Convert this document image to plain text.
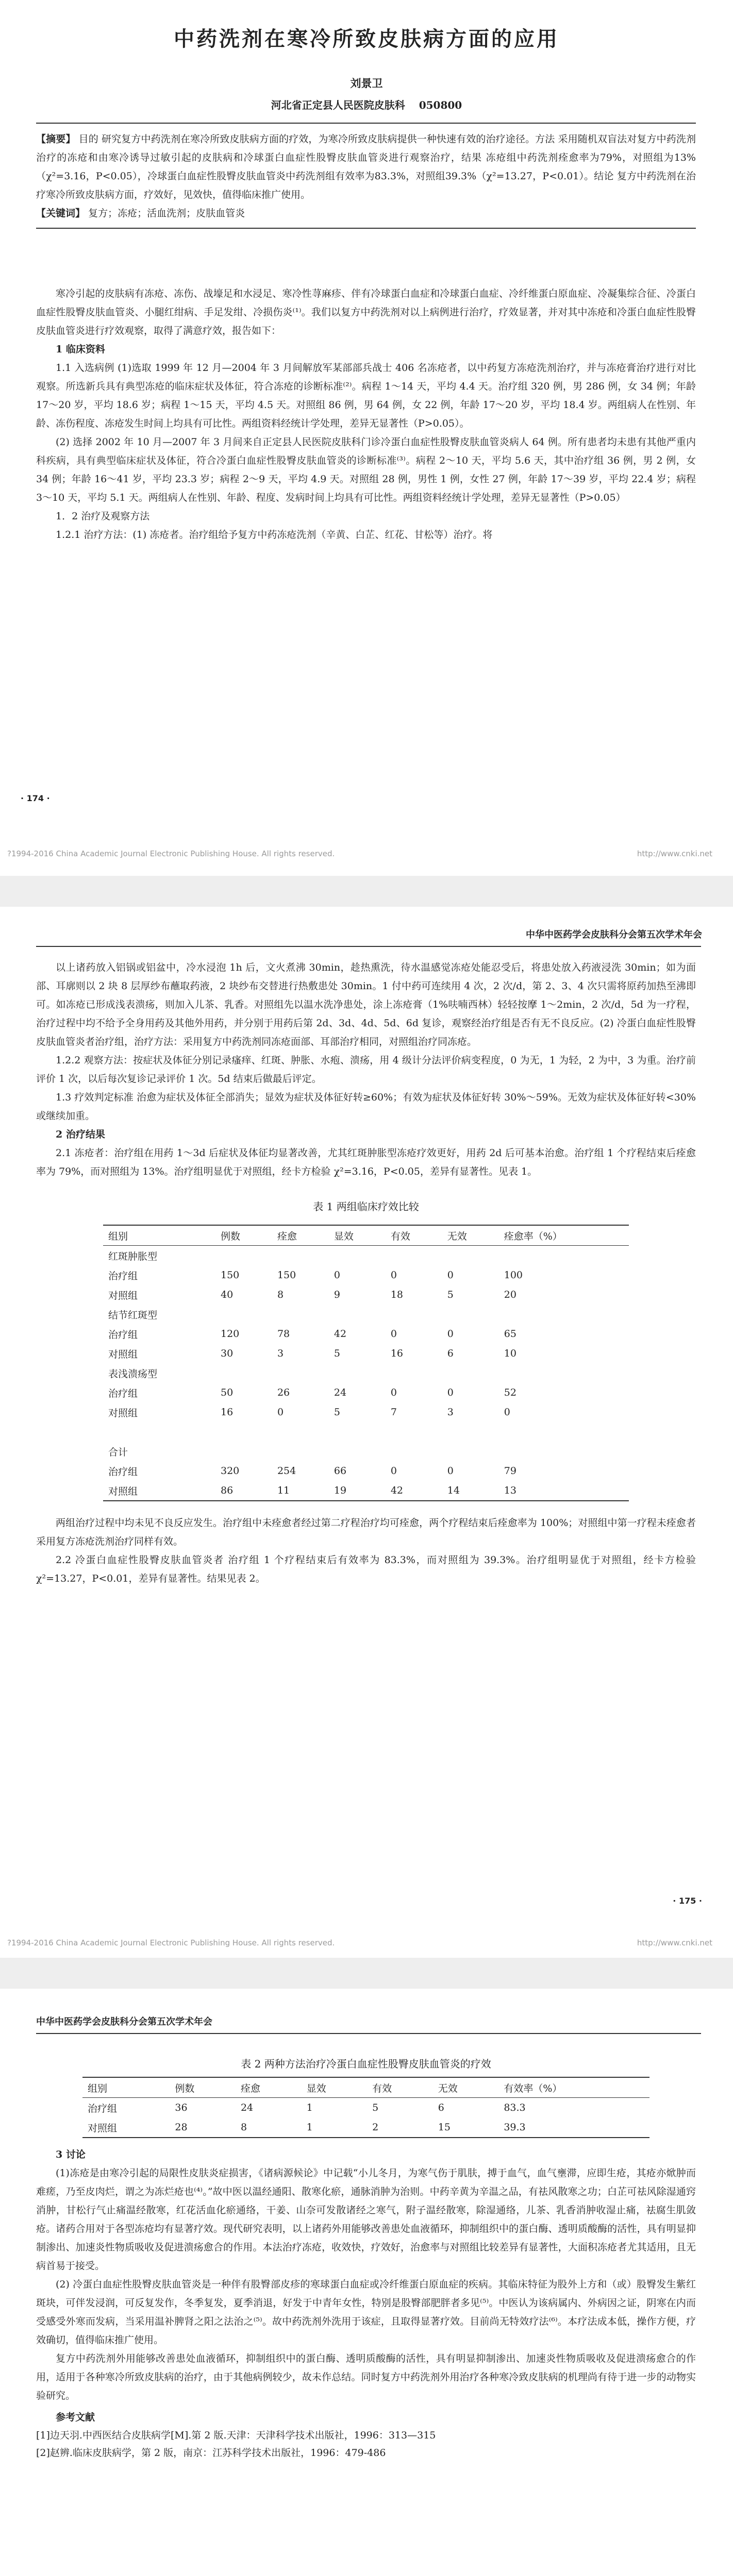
中药洗剂在寒冷所致皮肤病方面的应用
刘景卫
河北省正定县人民医院皮肤科 050800

【摘要】 目的 研究复方中药洗剂在寒冷所致皮肤病方面的疗效，为寒冷所致皮肤病提供一种快速有效的治疗途径。方法 采用随机双盲法对复方中药洗剂治疗的冻疮和由寒冷诱导过敏引起的皮肤病和冷球蛋白血症性股臀皮肤血管炎进行观察治疗，结果 冻疮组中药洗剂痊愈率为79%，对照组为13%（χ²=3.16，P<0.05），冷球蛋白血症性股臀皮肤血管炎中药洗剂组有效率为83.3%，对照组39.3%（χ²=13.27，P<0.01）。结论 复方中药洗剂在治疗寒冷所致皮肤病方面，疗效好，见效快，值得临床推广使用。

【关键词】 复方；冻疮；活血洗剂；皮肤血管炎

寒冷引起的皮肤病有冻疮、冻伤、战壕足和水浸足、寒冷性荨麻疹、伴有冷球蛋白血症和冷球蛋白血症、冷纤维蛋白原血症、冷凝集综合征、冷蛋白血症性股臀皮肤血管炎、小腿红绀病、手足发绀、冷损伤炎⁽¹⁾。我们以复方中药洗剂对以上病例进行治疗，疗效显著，并对其中冻疮和冷蛋白血症性股臀皮肤血管炎进行疗效观察，取得了满意疗效，报告如下：

1 临床资料

1.1 入选病例 (1)选取 1999 年 12 月—2004 年 3 月间解放军某部部兵战士 406 名冻疮者，以中药复方冻疮洗剂治疗，并与冻疮膏治疗进行对比观察。所选新兵具有典型冻疮的临床症状及体征，符合冻疮的诊断标准⁽²⁾。病程 1～14 天，平均 4.4 天。治疗组 320 例，男 286 例，女 34 例；年龄 17～20 岁，平均 18.6 岁；病程 1～15 天，平均 4.5 天。对照组 86 例，男 64 例，女 22 例，年龄 17～20 岁，平均 18.4 岁。两组病人在性别、年龄、冻伤程度、冻疮发生时间上均具有可比性。两组资料经统计学处理，差异无显著性（P>0.05）。

(2) 选择 2002 年 10 月—2007 年 3 月间来自正定县人民医院皮肤科门诊冷蛋白血症性股臀皮肤血管炎病人 64 例。所有患者均未患有其他严重内科疾病，具有典型临床症状及体征，符合冷蛋白血症性股臀皮肤血管炎的诊断标准⁽³⁾。病程 2～10 天，平均 5.6 天，其中治疗组 36 例，男 2 例，女 34 例；年龄 16～41 岁，平均 23.3 岁；病程 2～9 天，平均 4.9 天。对照组 28 例，男性 1 例，女性 27 例，年龄 17～39 岁，平均 22.4 岁；病程 3～10 天，平均 5.1 天。两组病人在性别、年龄、程度、发病时间上均具有可比性。两组资料经统计学处理，差异无显著性（P>0.05）

1．2 治疗及观察方法

1.2.1 治疗方法：(1) 冻疮者。治疗组给予复方中药冻疮洗剂（辛黄、白芷、红花、甘松等）治疗。将

· 174 ·
?1994-2016 China Academic Journal Electronic Publishing House. All rights reserved.	http://www.cnki.net
中华中医药学会皮肤科分会第五次学术年会

以上诸药放入铝锅或铝盆中，冷水浸泡 1h 后，文火煮沸 30min，趁热熏洗，待水温感觉冻疮处能忍受后，将患处放入药液浸洗 30min；如为面部、耳廓则以 2 块 8 层厚纱布蘸取药液，2 块纱布交替进行热敷患处 30min。1 付中药可连续用 4 次，2 次/d，第 2、3、4 次只需将原药加热至沸即可。如冻疮已形成浅表溃疡，则加入儿茶、乳香。对照组先以温水洗净患处，涂上冻疮膏（1%呋喃西林）轻轻按摩 1～2min，2 次/d，5d 为一疗程，治疗过程中均不给予全身用药及其他外用药，并分别于用药后第 2d、3d、4d、5d、6d 复诊，观察经治疗组是否有无不良反应。(2) 冷蛋白血症性股臀皮肤血管炎者治疗组，治疗方法：采用复方中药洗剂同冻疮面部、耳部治疗相同，对照组治疗同冻疮。

1.2.2 观察方法：按症状及体征分别记录瘙痒、红斑、肿胀、水疱、溃疡，用 4 级计分法评价病变程度，0 为无，1 为轻，2 为中，3 为重。治疗前评价 1 次，以后每次复诊记录评价 1 次。5d 结束后做最后评定。

1.3 疗效判定标准 治愈为症状及体征全部消失；显效为症状及体征好转≥60%；有效为症状及体征好转 30%～59%。无效为症状及体征好转<30%或继续加重。

2 治疗结果

2.1 冻疮者：治疗组在用药 1～3d 后症状及体征均显著改善，尤其红斑肿胀型冻疮疗效更好，用药 2d 后可基本治愈。治疗组 1 个疗程结束后痊愈率为 79%，而对照组为 13%。治疗组明显优于对照组，经卡方检验 χ²=3.16，P<0.05，差异有显著性。见表 1。

表 1 两组临床疗效比较

组别	例数	痊愈	显效	有效	无效	痊愈率（%）
红斑肿胀型						
治疗组	150	150	0	0	0	100
对照组	40	8	9	18	5	20
结节红斑型						
治疗组	120	78	42	0	0	65
对照组	30	3	5	16	6	10
表浅溃疡型						
治疗组	50	26	24	0	0	52
对照组	16	0	5	7	3	0

合计						
治疗组	320	254	66	0	0	79
对照组	86	11	19	42	14	13

两组治疗过程中均未见不良反应发生。治疗组中未痊愈者经过第二疗程治疗均可痊愈，两个疗程结束后痊愈率为 100%；对照组中第一疗程未痊愈者采用复方冻疮洗剂治疗同样有效。

2.2 冷蛋白血症性股臀皮肤血管炎者 治疗组 1 个疗程结束后有效率为 83.3%，而对照组为 39.3%。治疗组明显优于对照组，经卡方检验 χ²=13.27，P<0.01，差异有显著性。结果见表 2。

· 175 ·
?1994-2016 China Academic Journal Electronic Publishing House. All rights reserved.	http://www.cnki.net
中华中医药学会皮肤科分会第五次学术年会

表 2 两种方法治疗冷蛋白血症性股臀皮肤血管炎的疗效

组别	例数	痊愈	显效	有效	无效	有效率（%）
治疗组	36	24	1	5	6	83.3
对照组	28	8	1	2	15	39.3

3 讨论

(1)冻疮是由寒冷引起的局限性皮肤炎症损害，《诸病源候论》中记载“小儿冬月，为寒气伤于肌肤，搏于血气，血气壅滞，应即生疮，其疮亦焮肿而难瘥，乃至皮肉烂，谓之为冻烂疮也⁽⁴⁾。”故中医以温经通阳、散寒化瘀，通脉消肿为治则。中药辛黄为辛温之品，有祛风散寒之功；白芷可祛风除湿通窍消肿，甘松行气止痛温经散寒，红花活血化瘀通络，干姜、山奈可发散诸经之寒气，附子温经散寒，除湿通络，儿茶、乳香消肿收湿止痛，祛腐生肌敛疮。诸药合用对于各型冻疮均有显著疗效。现代研究表明，以上诸药外用能够改善患处血液循环，抑制组织中的蛋白酶、透明质酸酶的活性，具有明显抑制渗出、加速炎性物质吸收及促进溃疡愈合的作用。本法治疗冻疮，收效快，疗效好，治愈率与对照组比较差异有显著性，大面积冻疮者尤其适用，且无病首易于接受。

(2) 冷蛋白血症性股臀皮肤血管炎是一种伴有股臀部皮疹的寒球蛋白血症或冷纤维蛋白原血症的疾病。其临床特征为股外上方和（或）股臀发生紫红斑块，可伴发浸润，可反复发作，冬季复发，夏季消退，好发于中青年女性，特别是股臀部肥胖者多见⁽⁵⁾。中医认为该病属内、外病因之证，阴寒在内而受感受外寒而发病，当采用温补脾肾之阳之法治之⁽⁵⁾。故中药洗剂外洗用于该症，且取得显著疗效。目前尚无特效疗法⁽⁶⁾。本疗法成本低，操作方便，疗效确切，值得临床推广使用。

复方中药洗剂外用能够改善患处血液循环，抑制组织中的蛋白酶、透明质酸酶的活性，具有明显抑制渗出、加速炎性物质吸收及促进溃疡愈合的作用，适用于各种寒冷所致皮肤病的治疗，由于其他病例较少，故未作总结。同时复方中药洗剂外用治疗各种寒冷致皮肤病的机理尚有待于进一步的动物实验研究。

参考文献

[1]边天羽.中西医结合皮肤病学[M].第 2 版.天津：天津科学技术出版社，1996：313—315

[2]赵辨.临床皮肤病学，第 2 版，南京：江苏科学技术出版社，1996：479-486
